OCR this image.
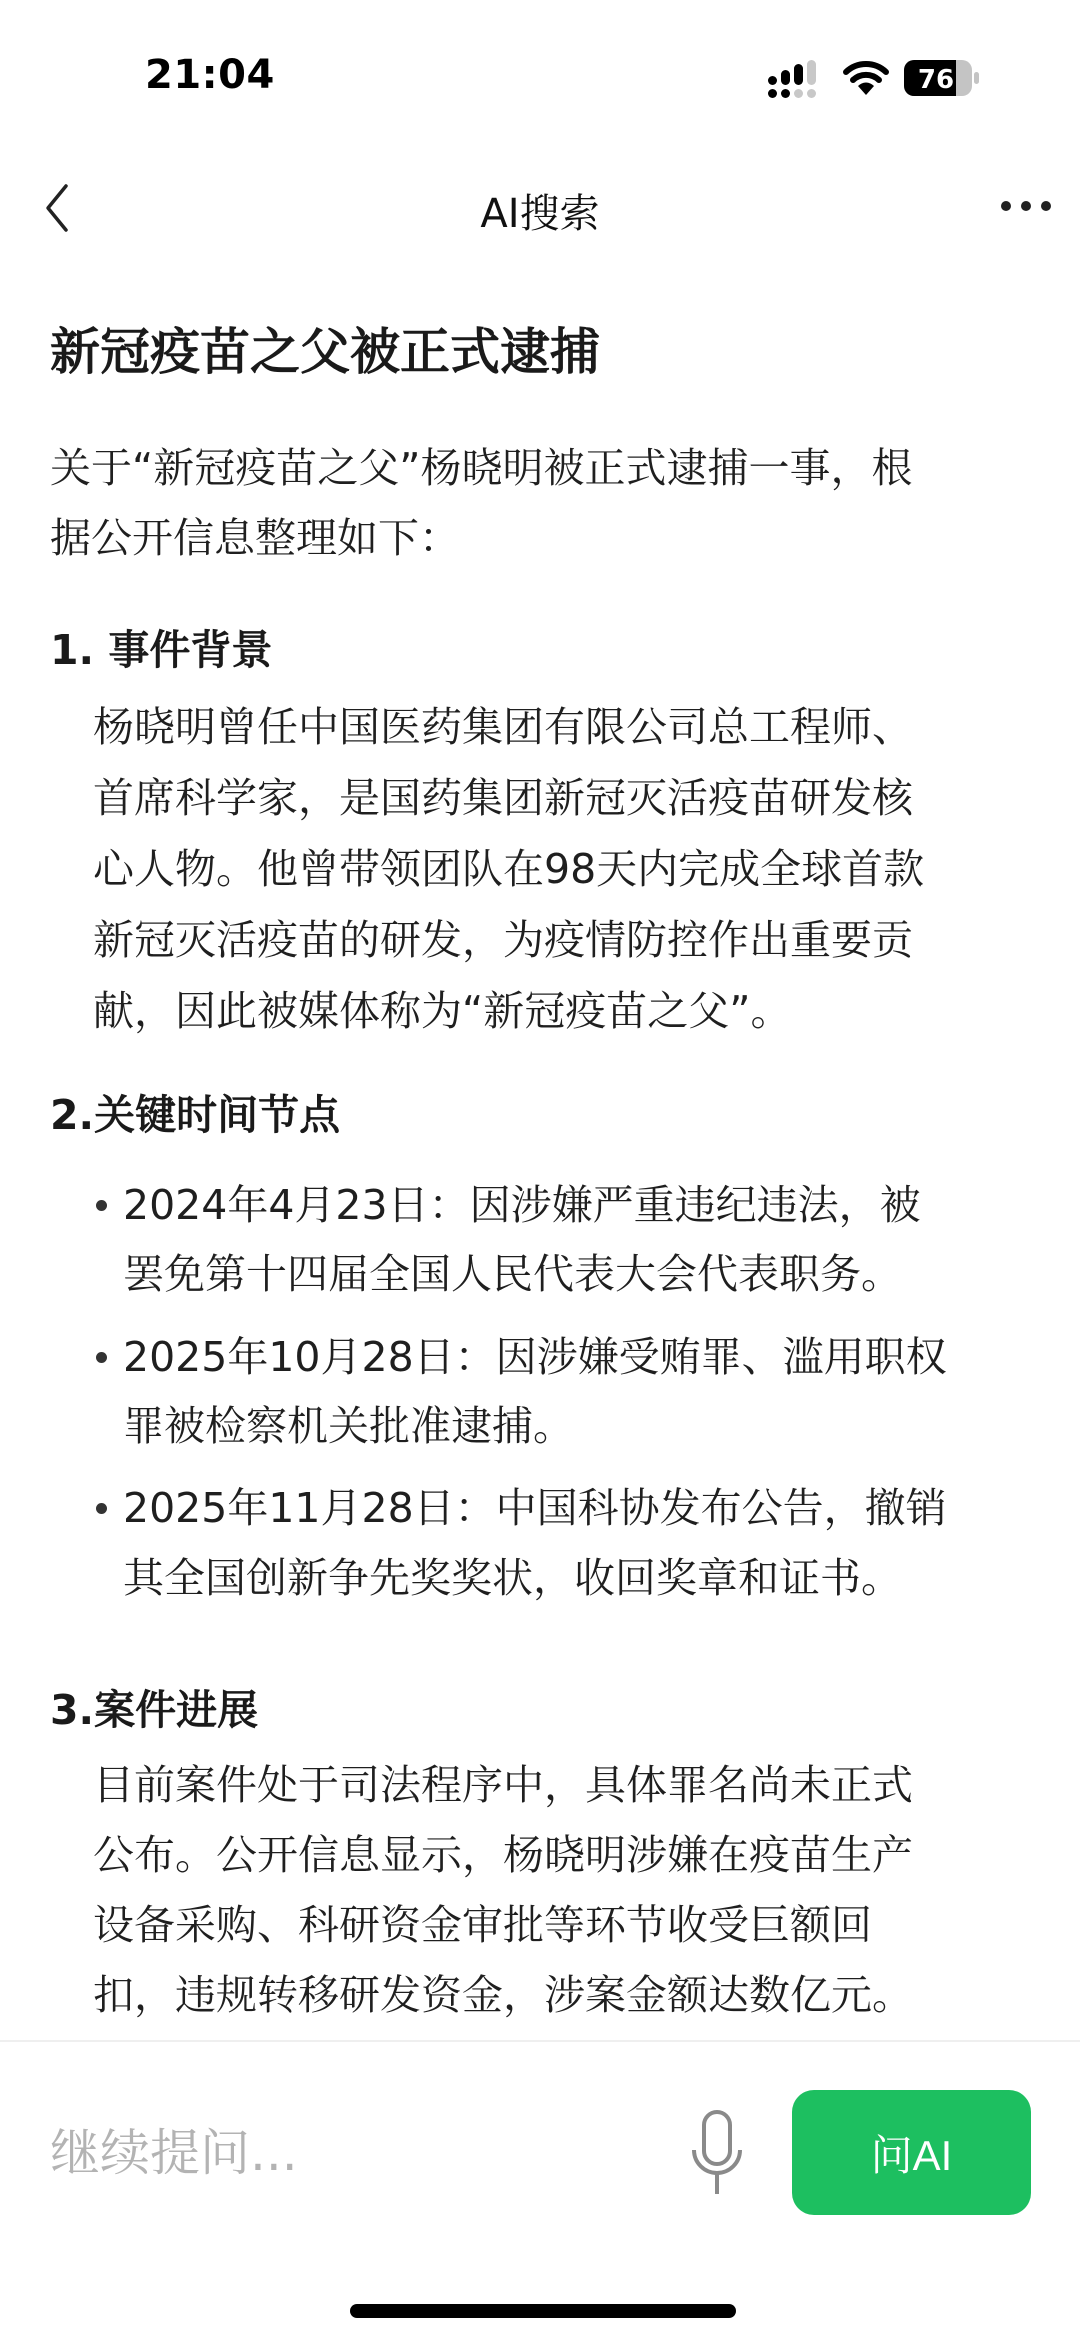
21:04	76
AI搜索
新冠疫苗之父被正式逮捕
关于“新冠疫苗之父”杨晓明被正式逮捕一事，根
据公开信息整理如下：
1. 事件背景
杨晓明曾任中国医药集团有限公司总工程师、
首席科学家，是国药集团新冠灭活疫苗研发核
心人物。他曾带领团队在98天内完成全球首款
新冠灭活疫苗的研发，为疫情防控作出重要贡
献，因此被媒体称为“新冠疫苗之父”。
2.关键时间节点
2024年4月23日：因涉嫌严重违纪违法，被
罢免第十四届全国人民代表大会代表职务。
2025年10月28日：因涉嫌受贿罪、滥用职权
罪被检察机关批准逮捕。
2025年11月28日：中国科协发布公告，撤销
其全国创新争先奖奖状，收回奖章和证书。
3.案件进展
目前案件处于司法程序中，具体罪名尚未正式
公布。公开信息显示，杨晓明涉嫌在疫苗生产
设备采购、科研资金审批等环节收受巨额回
扣，违规转移研发资金，涉案金额达数亿元。
继续提问...
问AI
